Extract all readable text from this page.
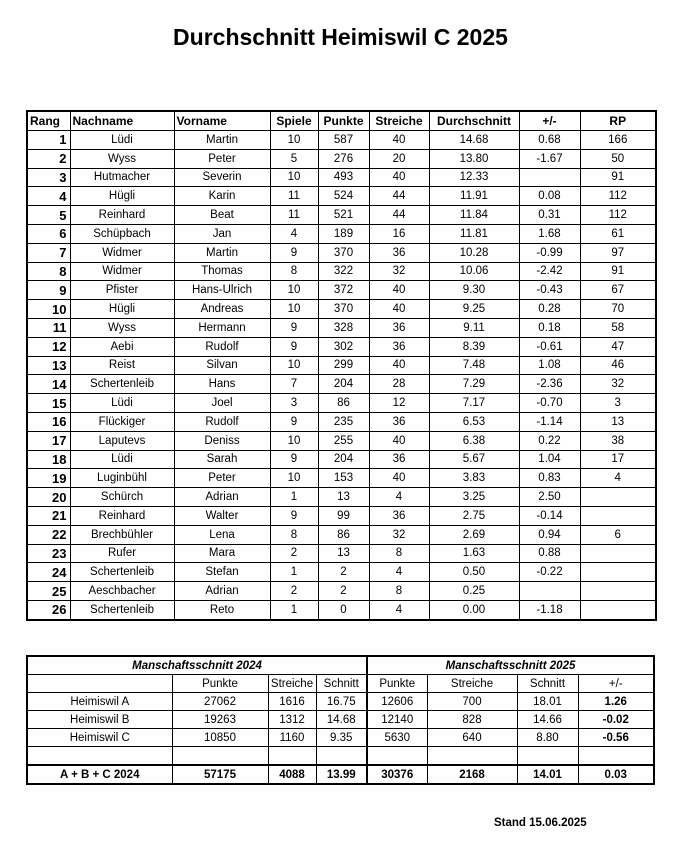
Durchschnitt Heimiswil C 2025
Rang	Nachname	Vorname	Spiele	Punkte	Streiche	Durchschnitt	+/-	RP
1	Lüdi	Martin	10	587	40	14.68	0.68	166
2	Wyss	Peter	5	276	20	13.80	-1.67	50
3	Hutmacher	Severin	10	493	40	12.33		91
4	Hügli	Karin	11	524	44	11.91	0.08	112
5	Reinhard	Beat	11	521	44	11.84	0.31	112
6	Schüpbach	Jan	4	189	16	11.81	1.68	61
7	Widmer	Martin	9	370	36	10.28	-0.99	97
8	Widmer	Thomas	8	322	32	10.06	-2.42	91
9	Pfister	Hans-Ulrich	10	372	40	9.30	-0.43	67
10	Hügli	Andreas	10	370	40	9.25	0.28	70
11	Wyss	Hermann	9	328	36	9.11	0.18	58
12	Aebi	Rudolf	9	302	36	8.39	-0.61	47
13	Reist	Silvan	10	299	40	7.48	1.08	46
14	Schertenleib	Hans	7	204	28	7.29	-2.36	32
15	Lüdi	Joel	3	86	12	7.17	-0.70	3
16	Flückiger	Rudolf	9	235	36	6.53	-1.14	13
17	Laputevs	Deniss	10	255	40	6.38	0.22	38
18	Lüdi	Sarah	9	204	36	5.67	1.04	17
19	Luginbühl	Peter	10	153	40	3.83	0.83	4
20	Schürch	Adrian	1	13	4	3.25	2.50	
21	Reinhard	Walter	9	99	36	2.75	-0.14	
22	Brechbühler	Lena	8	86	32	2.69	0.94	6
23	Rufer	Mara	2	13	8	1.63	0.88	
24	Schertenleib	Stefan	1	2	4	0.50	-0.22	
25	Aeschbacher	Adrian	2	2	8	0.25		
26	Schertenleib	Reto	1	0	4	0.00	-1.18	
Manschaftsschnitt 2024				Manschaftsschnitt 2025			
	Punkte	Streiche	Schnitt	Punkte	Streiche	Schnitt	+/-
Heimiswil A	27062	1616	16.75	12606	700	18.01	1.26
Heimiswil B	19263	1312	14.68	12140	828	14.66	-0.02
Heimiswil C	10850	1160	9.35	5630	640	8.80	-0.56

A + B + C 2024	57175	4088	13.99	30376	2168	14.01	0.03
Stand 15.06.2025
